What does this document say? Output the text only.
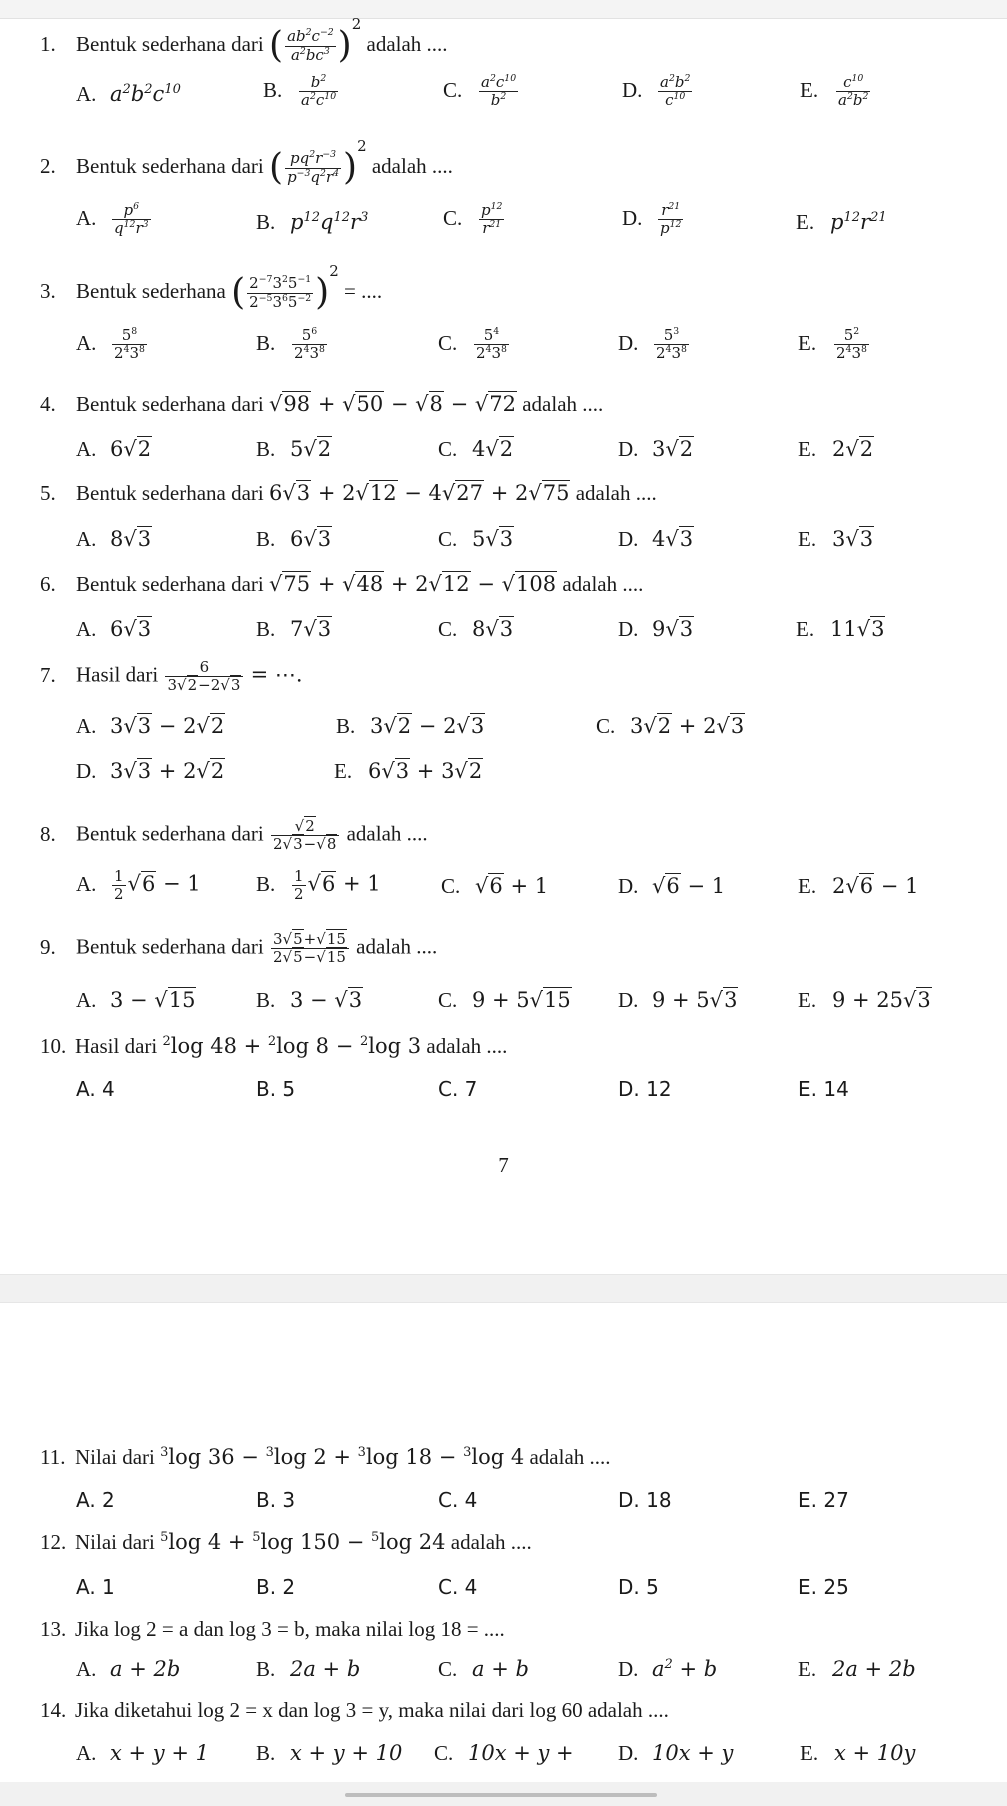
1. Bentuk sederhana dari ( $\frac{ab^2c^{-2}}{a^2bc^3} )^2$ adalah ....
A. $a^2b^2c^{10}$	B. $\frac{b^2}{a^2c^{10}}$	C. $\frac{a^2c^{10}}{b^2}$	D. $\frac{a^2b^2}{c^{10}}$	E. $\frac{c^{10}}{a^2b^2}$
2. Bentuk sederhana dari ( $\frac{pq^2r^{-3}}{p^{-3}q^2r^4} )^2$ adalah ....
A. $\frac{p^6}{q^{12}r^3}$	B. $p^{12}q^{12}r^3$	C. $\frac{p^{12}}{r^{21}}$	D. $\frac{r^{21}}{p^{12}}$	E. $p^{12}r^{21}$
3. Bentuk sederhana ( $\frac{2^{-7}3^25^{-1}}{2^{-5}3^65^{-2}} )^2$ = ....
A. $\frac{5^8}{2^43^8}$	B. $\frac{5^6}{2^43^8}$	C. $\frac{5^4}{2^43^8}$	D. $\frac{5^3}{2^43^8}$	E. $\frac{5^2}{2^43^8}$
4. Bentuk sederhana dari √98 + √50 − √8 − √72 adalah ....
A. 6√2	B. 5√2	C. 4√2	D. 3√2	E. 2√2
5. Bentuk sederhana dari 6√3 + 2√12 − 4√27 + 2√75 adalah ....
A. 8√3	B. 6√3	C. 5√3	D. 4√3	E. 3√3
6. Bentuk sederhana dari √75 + √48 + 2√12 − √108 adalah ....
A. 6√3	B. 7√3	C. 8√3	D. 9√3	E. 11√3
7. Hasil dari $\frac{6}{3√2-2√3}$ = ⋯.
A. 3√3 − 2√2	B. 3√2 − 2√3	C. 3√2 + 2√3
D. 3√3 + 2√2	E. 6√3 + 3√2
8. Bentuk sederhana dari $\frac{√2}{2√3-√8}$ adalah ....
A. $\frac{1}{2} √6 - 1$	B. $\frac{1}{2} √6 + 1$	C. √6 + 1	D. √6 − 1	E. 2√6 − 1
9. Bentuk sederhana dari $\frac{3√5+√15}{2√5-√15}$ adalah ....
A. 3 − √15	B. 3 − √3	C. 9 + 5√15 D. 9 + 5√3	E. 9 + 25√3
10. Hasil dari $^2$log 48 + $^2$log 8 − $^2$log 3 adalah ....
A. 4	B. 5	C. 7	D. 12	E. 14
7
11. Nilai dari $^3$log 36 − $^3$log 2 + $^3$log 18 − $^3$log 4 adalah ....
A. 2	B. 3	C. 4	D. 18	E. 27
12. Nilai dari $^5$log 4 + $^5$log 150 − $^5$log 24 adalah ....
A. 1	B. 2	C. 4	D. 5	E. 25
13. Jika log 2 = a dan log 3 = b, maka nilai log 18 = ....
A. a + 2b	B. 2a + b	C. a + b	D. $a^2 + b$	E. 2a + 2b
14. Jika diketahui log 2 = x dan log 3 = y, maka nilai dari log 60 adalah ....
A. x + y + 1 B. x + y + 10 C. 10x + y + D. 10x + y	E. x + 10y
